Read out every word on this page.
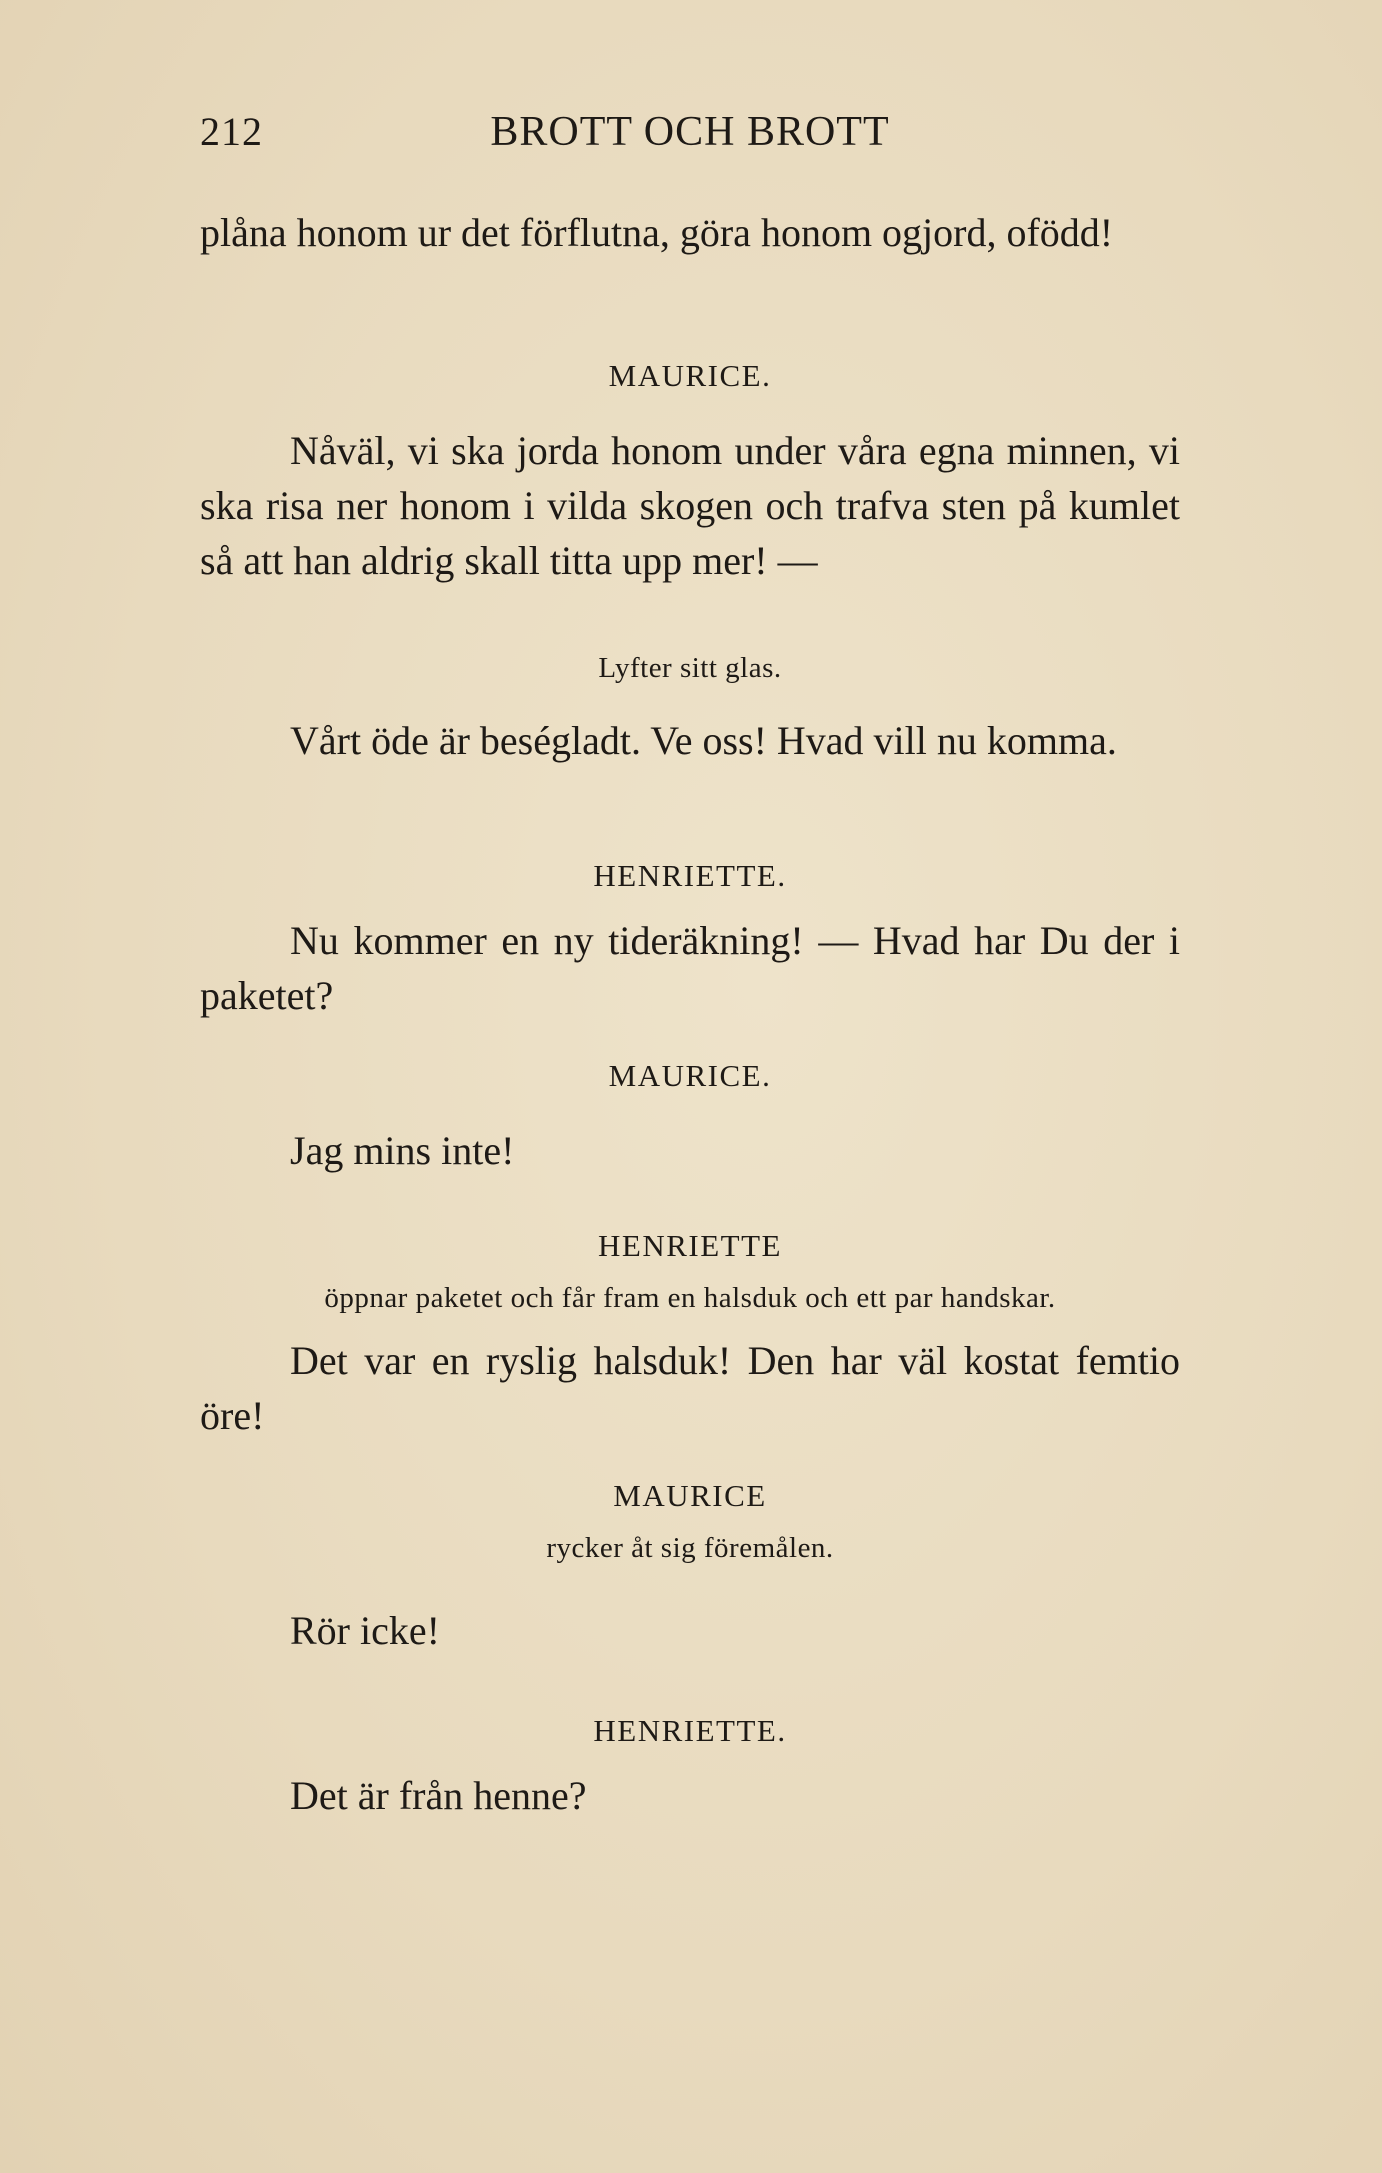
212	BROTT OCH BROTT

plåna honom ur det förflutna, göra honom ogjord, ofödd!

MAURICE.

Nåväl, vi ska jorda honom under våra egna minnen, vi ska risa ner honom i vilda skogen och trafva sten på kumlet så att han aldrig skall titta upp mer! —

Lyfter sitt glas.

Vårt öde är beségladt. Ve oss! Hvad vill nu komma.

HENRIETTE.

Nu kommer en ny tideräkning! — Hvad har Du der i paketet?

MAURICE.

Jag mins inte!

HENRIETTE

öppnar paketet och får fram en halsduk och ett par handskar.

Det var en ryslig halsduk! Den har väl kostat femtio öre!

MAURICE

rycker åt sig föremålen.

Rör icke!

HENRIETTE.

Det är från henne?
